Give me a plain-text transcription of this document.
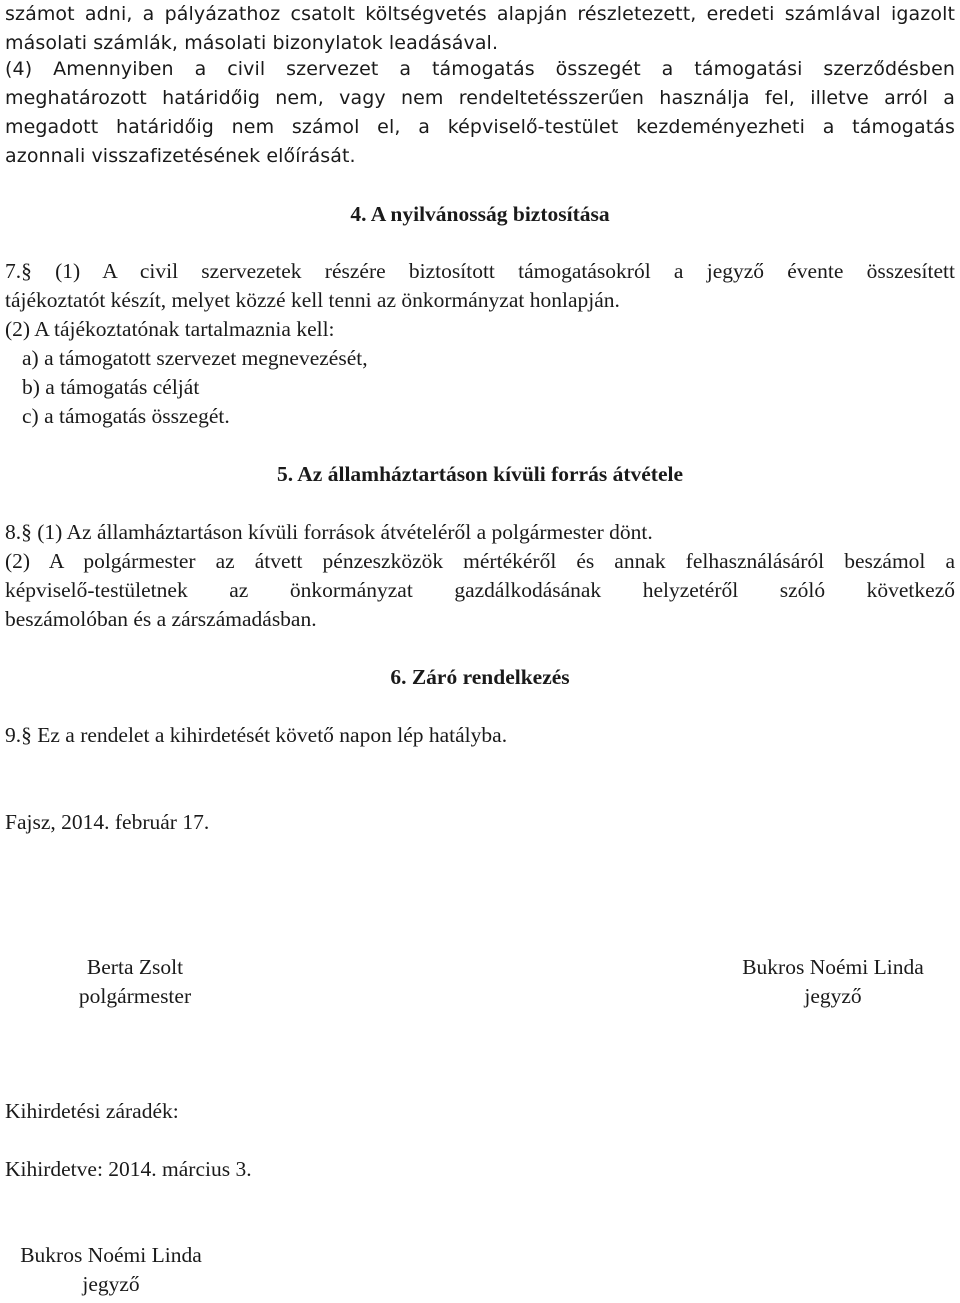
számot adni, a pályázathoz csatolt költségvetés alapján részletezett, eredeti számlával igazolt
másolati számlák, másolati bizonylatok leadásával.
(4) Amennyiben a civil szervezet a támogatás összegét a támogatási szerződésben
meghatározott határidőig nem, vagy nem rendeltetésszerűen használja fel, illetve arról a
megadott határidőig nem számol el, a képviselő-testület kezdeményezheti a támogatás
azonnali visszafizetésének előírását.
4. A nyilvánosság biztosítása
7.§ (1) A civil szervezetek részére biztosított támogatásokról a jegyző évente összesített
tájékoztatót készít, melyet közzé kell tenni az önkormányzat honlapján.
(2) A tájékoztatónak tartalmaznia kell:
a) a támogatott szervezet megnevezését,
b) a támogatás célját
c) a támogatás összegét.
5. Az államháztartáson kívüli forrás átvétele
8.§ (1) Az államháztartáson kívüli források átvételéről a polgármester dönt.
(2) A polgármester az átvett pénzeszközök mértékéről és annak felhasználásáról beszámol a
képviselő-testületnek az önkormányzat gazdálkodásának helyzetéről szóló következő
beszámolóban és a zárszámadásban.
6. Záró rendelkezés
9.§ Ez a rendelet a kihirdetését követő napon lép hatályba.
Fajsz, 2014. február 17.
Berta Zsolt
polgármester
Bukros Noémi Linda
jegyző
Kihirdetési záradék:
Kihirdetve: 2014. március 3.
Bukros Noémi Linda
jegyző
